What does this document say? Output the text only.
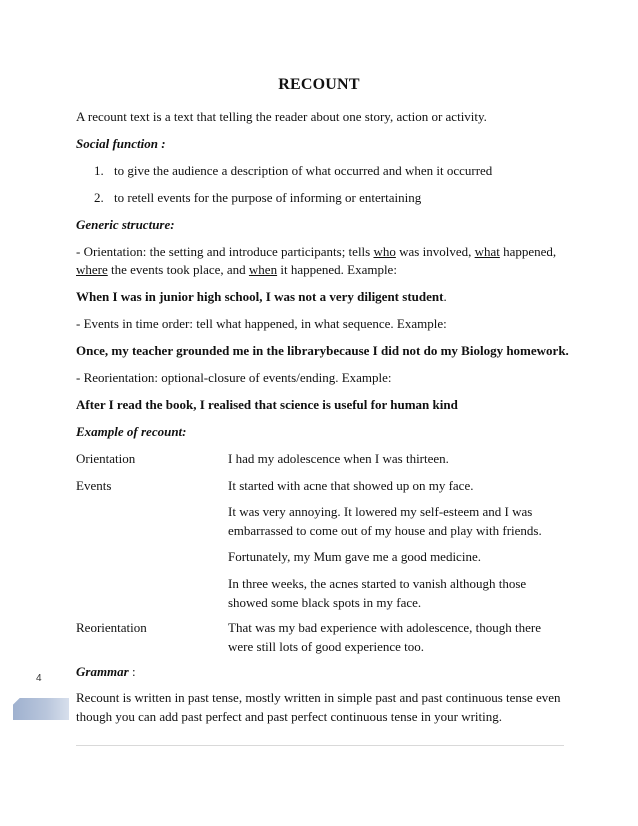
RECOUNT
A recount text is a text that telling the reader about one story, action or activity.
Social function :
1. to give the audience a description of what occurred and when it occurred
2. to retell events for the purpose of informing or entertaining
Generic structure:
- Orientation: the setting and introduce participants; tells who was involved, what happened,
where the events took place, and when it happened. Example:
When I was in junior high school, I was not a very diligent student.
- Events in time order: tell what happened, in what sequence. Example:
Once, my teacher grounded me in the librarybecause I did not do my Biology homework.
- Reorientation: optional-closure of events/ending. Example:
After I read the book, I realised that science is useful for human kind
Example of recount:
Orientation	I had my adolescence when I was thirteen.
Events	It started with acne that showed up on my face.
It was very annoying. It lowered my self-esteem and I was embarrassed to come out of my house and play with friends.
Fortunately, my Mum gave me a good medicine.
In three weeks, the acnes started to vanish although those showed some black spots in my face.
Reorientation	That was my bad experience with adolescence, though there were still lots of good experience too.
Grammar :
Recount is written in past tense, mostly written in simple past and past continuous tense even though you can add past perfect and past perfect continuous tense in your writing.
4
